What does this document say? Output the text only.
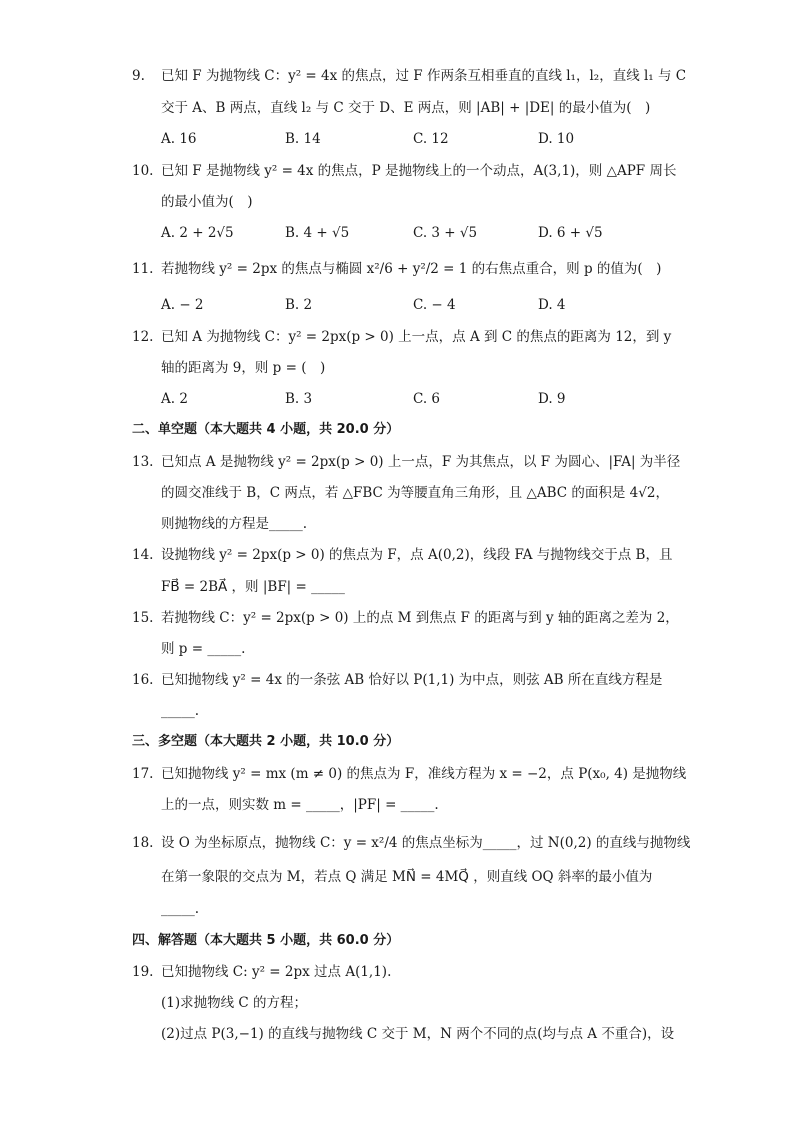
9. 已知 F 为抛物线 C：y² = 4x 的焦点，过 F 作两条互相垂直的直线 l₁，l₂，直线 l₁ 与 C
交于 A、B 两点，直线 l₂ 与 C 交于 D、E 两点，则 |AB| + |DE| 的最小值为(　)
A. 16	B. 14	C. 12	D. 10
10. 已知 F 是抛物线 y² = 4x 的焦点，P 是抛物线上的一个动点，A(3,1)，则 △APF 周长
的最小值为(　)
A. 2 + 2√5	B. 4 + √5	C. 3 + √5	D. 6 + √5
11. 若抛物线 y² = 2px 的焦点与椭圆 x²/6 + y²/2 = 1 的右焦点重合，则 p 的值为(　)
A. − 2	B. 2	C. − 4	D. 4
12. 已知 A 为抛物线 C：y² = 2px(p > 0) 上一点，点 A 到 C 的焦点的距离为 12，到 y
轴的距离为 9，则 p = (　)
A. 2	B. 3	C. 6	D. 9
二、单空题（本大题共 4 小题，共 20.0 分）
13. 已知点 A 是抛物线 y² = 2px(p > 0) 上一点，F 为其焦点，以 F 为圆心、|FA| 为半径
的圆交准线于 B，C 两点，若 △FBC 为等腰直角三角形，且 △ABC 的面积是 4√2，
则抛物线的方程是_____.
14. 设抛物线 y² = 2px(p > 0) 的焦点为 F，点 A(0,2)，线段 FA 与抛物线交于点 B，且
FB⃗ = 2BA⃗ ，则 |BF| = _____
15. 若抛物线 C：y² = 2px(p > 0) 上的点 M 到焦点 F 的距离与到 y 轴的距离之差为 2，
则 p = _____.
16. 已知抛物线 y² = 4x 的一条弦 AB 恰好以 P(1,1) 为中点，则弦 AB 所在直线方程是
_____.
三、多空题（本大题共 2 小题，共 10.0 分）
17. 已知抛物线 y² = mx (m ≠ 0) 的焦点为 F，准线方程为 x = −2，点 P(x₀, 4) 是抛物线
上的一点，则实数 m = _____，|PF| = _____.
18. 设 O 为坐标原点，抛物线 C：y = x²/4 的焦点坐标为_____，过 N(0,2) 的直线与抛物线
在第一象限的交点为 M，若点 Q 满足 MN⃗ = 4MQ⃗ ，则直线 OQ 斜率的最小值为
_____.
四、解答题（本大题共 5 小题，共 60.0 分）
19. 已知抛物线 C: y² = 2px 过点 A(1,1).
(1)求抛物线 C 的方程；
(2)过点 P(3,−1) 的直线与抛物线 C 交于 M，N 两个不同的点(均与点 A 不重合)，设
